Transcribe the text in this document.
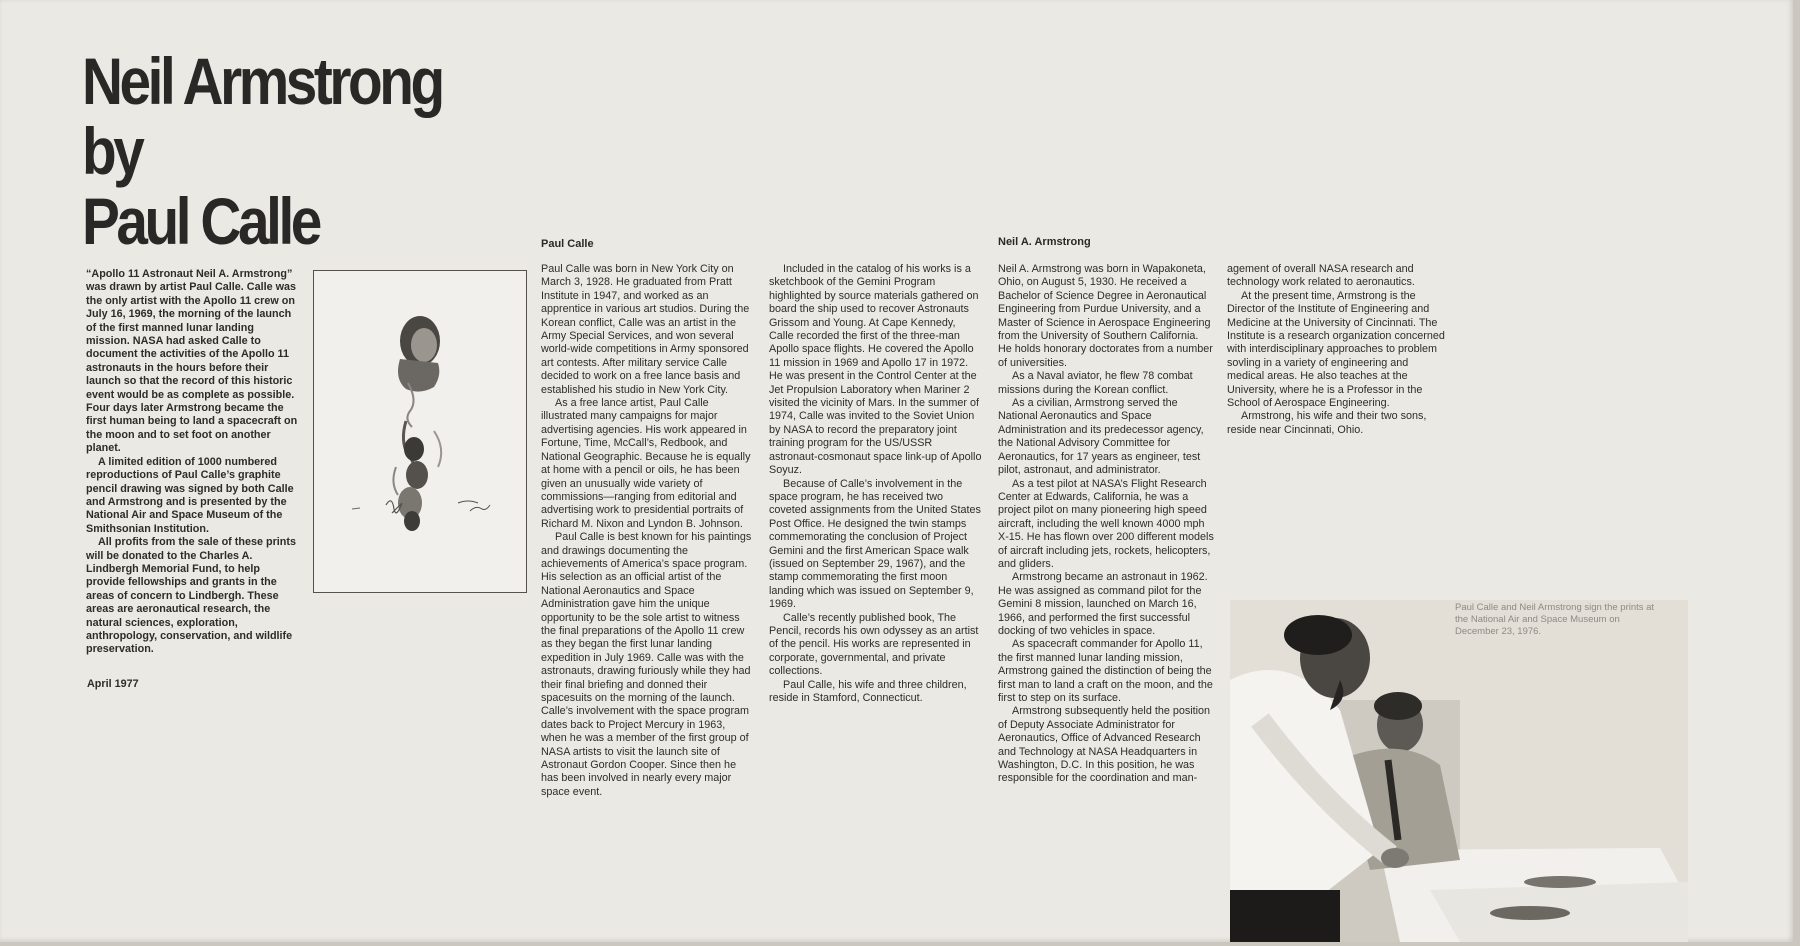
Neil Armstrong
by
Paul Calle

“Apollo 11 Astronaut Neil A. Armstrong” was drawn by artist Paul Calle. Calle was the only artist with the Apollo 11 crew on July 16, 1969, the morning of the launch of the first manned lunar landing mission. NASA had asked Calle to document the activities of the Apollo 11 astronauts in the hours before their launch so that the record of this historic event would be as complete as possible. Four days later Armstrong became the first human being to land a spacecraft on the moon and to set foot on another planet.

A limited edition of 1000 numbered reproductions of Paul Calle’s graphite pencil drawing was signed by both Calle and Armstrong and is presented by the National Air and Space Museum of the Smithsonian Institution.

All profits from the sale of these prints will be donated to the Charles A. Lindbergh Memorial Fund, to help provide fellowships and grants in the areas of concern to Lindbergh. These areas are aeronautical research, the natural sciences, exploration, anthropology, conservation, and wildlife preservation.

April 1977
Paul Calle

Paul Calle was born in New York City on March 3, 1928. He graduated from Pratt Institute in 1947, and worked as an apprentice in various art studios. During the Korean conflict, Calle was an artist in the Army Special Services, and won several world-wide competitions in Army sponsored art contests. After military service Calle decided to work on a free lance basis and established his studio in New York City.

As a free lance artist, Paul Calle illustrated many campaigns for major advertising agencies. His work appeared in Fortune, Time, McCall’s, Redbook, and National Geographic. Because he is equally at home with a pencil or oils, he has been given an unusually wide variety of commissions—ranging from editorial and advertising work to presidential portraits of Richard M. Nixon and Lyndon B. Johnson.

Paul Calle is best known for his paintings and drawings documenting the achievements of America’s space program. His selection as an official artist of the National Aeronautics and Space Administration gave him the unique opportunity to be the sole artist to witness the final preparations of the Apollo 11 crew as they began the first lunar landing expedition in July 1969. Calle was with the astronauts, drawing furiously while they had their final briefing and donned their spacesuits on the morning of the launch. Calle’s involvement with the space program dates back to Project Mercury in 1963, when he was a member of the first group of NASA artists to visit the launch site of Astronaut Gordon Cooper. Since then he has been involved in nearly every major space event.

Included in the catalog of his works is a sketchbook of the Gemini Program highlighted by source materials gathered on board the ship used to recover Astronauts Grissom and Young. At Cape Kennedy, Calle recorded the first of the three-man Apollo space flights. He covered the Apollo 11 mission in 1969 and Apollo 17 in 1972. He was present in the Control Center at the Jet Propulsion Laboratory when Mariner 2 visited the vicinity of Mars. In the summer of 1974, Calle was invited to the Soviet Union by NASA to record the preparatory joint training program for the US/USSR astronaut-cosmonaut space link-up of Apollo Soyuz.

Because of Calle’s involvement in the space program, he has received two coveted assignments from the United States Post Office. He designed the twin stamps commemorating the conclusion of Project Gemini and the first American Space walk (issued on September 29, 1967), and the stamp commemorating the first moon landing which was issued on September 9, 1969.

Calle’s recently published book, The Pencil, records his own odyssey as an artist of the pencil. His works are represented in corporate, governmental, and private collections.

Paul Calle, his wife and three children, reside in Stamford, Connecticut.

Neil A. Armstrong

Neil A. Armstrong was born in Wapakoneta, Ohio, on August 5, 1930. He received a Bachelor of Science Degree in Aeronautical Engineering from Purdue University, and a Master of Science in Aerospace Engineering from the University of Southern California. He holds honorary doctorates from a number of universities.

As a Naval aviator, he flew 78 combat missions during the Korean conflict.

As a civilian, Armstrong served the National Aeronautics and Space Administration and its predecessor agency, the National Advisory Committee for Aeronautics, for 17 years as engineer, test pilot, astronaut, and administrator.

As a test pilot at NASA’s Flight Research Center at Edwards, California, he was a project pilot on many pioneering high speed aircraft, including the well known 4000 mph X-15. He has flown over 200 different models of aircraft including jets, rockets, helicopters, and gliders.

Armstrong became an astronaut in 1962. He was assigned as command pilot for the Gemini 8 mission, launched on March 16, 1966, and performed the first successful docking of two vehicles in space.

As spacecraft commander for Apollo 11, the first manned lunar landing mission, Armstrong gained the distinction of being the first man to land a craft on the moon, and the first to step on its surface.

Armstrong subsequently held the position of Deputy Associate Administrator for Aeronautics, Office of Advanced Research and Technology at NASA Headquarters in Washington, D.C. In this position, he was responsible for the coordination and man-

agement of overall NASA research and technology work related to aeronautics.

At the present time, Armstrong is the Director of the Institute of Engineering and Medicine at the University of Cincinnati. The Institute is a research organization concerned with interdisciplinary approaches to problem sovling in a variety of engineering and medical areas. He also teaches at the University, where he is a Professor in the School of Aerospace Engineering.

Armstrong, his wife and their two sons, reside near Cincinnati, Ohio.

Paul Calle and Neil Armstrong sign the prints at the National Air and Space Museum on December 23, 1976.
